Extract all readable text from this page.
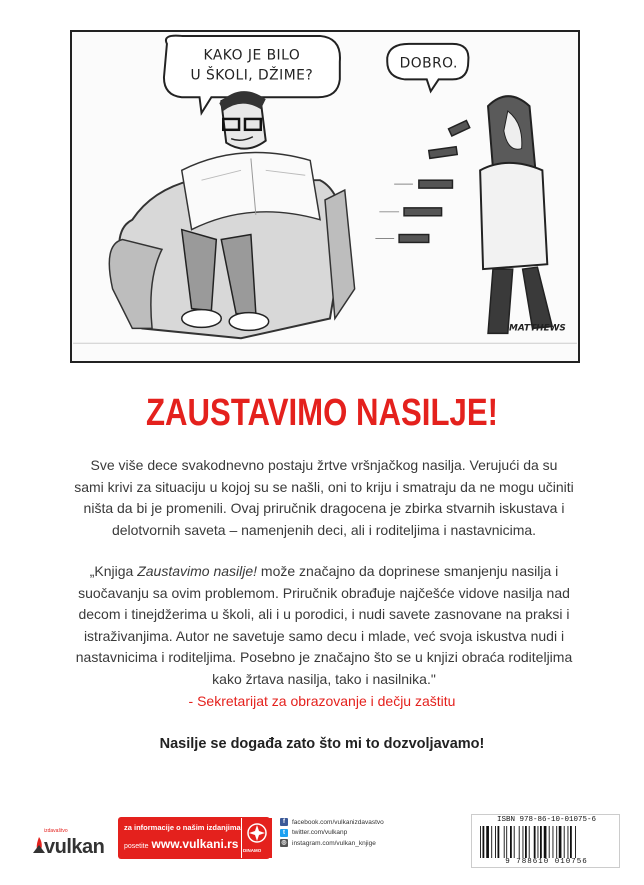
KAKO JE BILO
U ŠKOLI, DŽIME?
DOBRO.
MATTHEWS
ZAUSTAVIMO NASILJE!
Sve više dece svakodnevno postaju žrtve vršnjačkog nasilja. Verujući da su sami krivi za situaciju u kojoj su se našli, oni to kriju i smatraju da ne mogu učiniti ništa da bi je promenili. Ovaj priručnik dragocena je zbirka stvarnih iskustava i delotvornih saveta – namenjenih deci, ali i roditeljima i nastavnicima.
„Knjiga Zaustavimo nasilje! može značajno da doprinese smanjenju nasilja i suočavanju sa ovim problemom. Priručnik obrađuje najčešće vidove nasilja nad decom i tinejdžerima u školi, ali i u porodici, i nudi savete zasnovane na praksi i istraživanjima. Autor ne savetuje samo decu i mlade, već svoja iskustva nudi i nastavnicima i roditeljima. Posebno je značajno što se u knjizi obraća roditeljima kako žrtava nasilja, tako i nasilnika."
- Sekretarijat za obrazovanje i dečju zaštitu
Nasilje se događa zato što mi to dozvoljavamo!
izdavaštvo
vulkan
za informacije o našim izdanjima
posetite www.vulkani.rs DINAMO
f	facebook.com/vulkanizdavastvo
t	twitter.com/vulkanp
◎ instagram.com/vulkan_knjige
ISBN 978-86-10-01075-6
9 788610 010756
